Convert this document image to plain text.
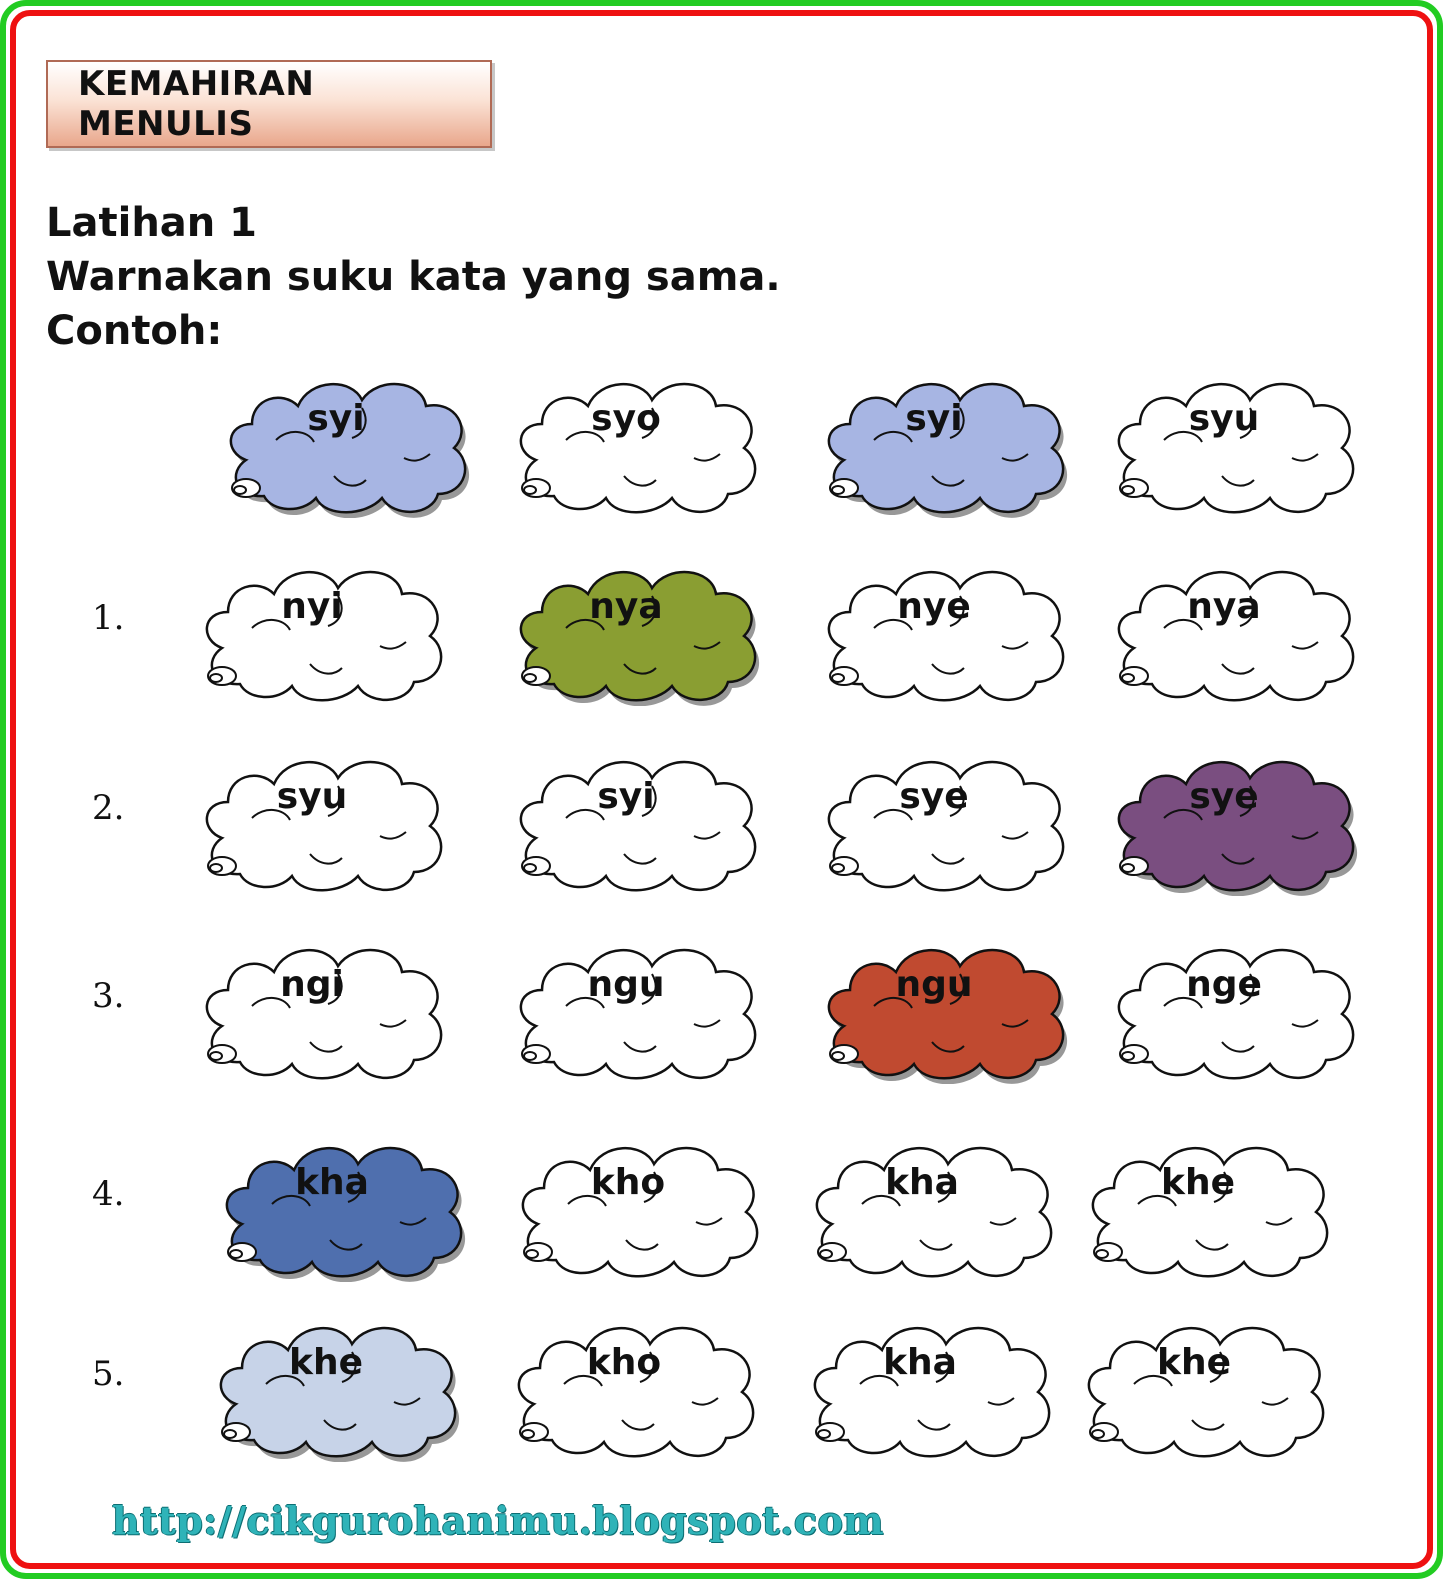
KEMAHIRAN MENULIS
Latihan 1
Warnakan suku kata yang sama.
Contoh:
syi	syo	syi	syu
1.	nyi	nya	nye	nya
2.	syu	syi	sye	sye
3.	ngi	ngu	ngu	nge
4.	kha	kho	kha	khe
5.	khe	kho	kha	khe
http://cikgurohanimu.blogspot.com
